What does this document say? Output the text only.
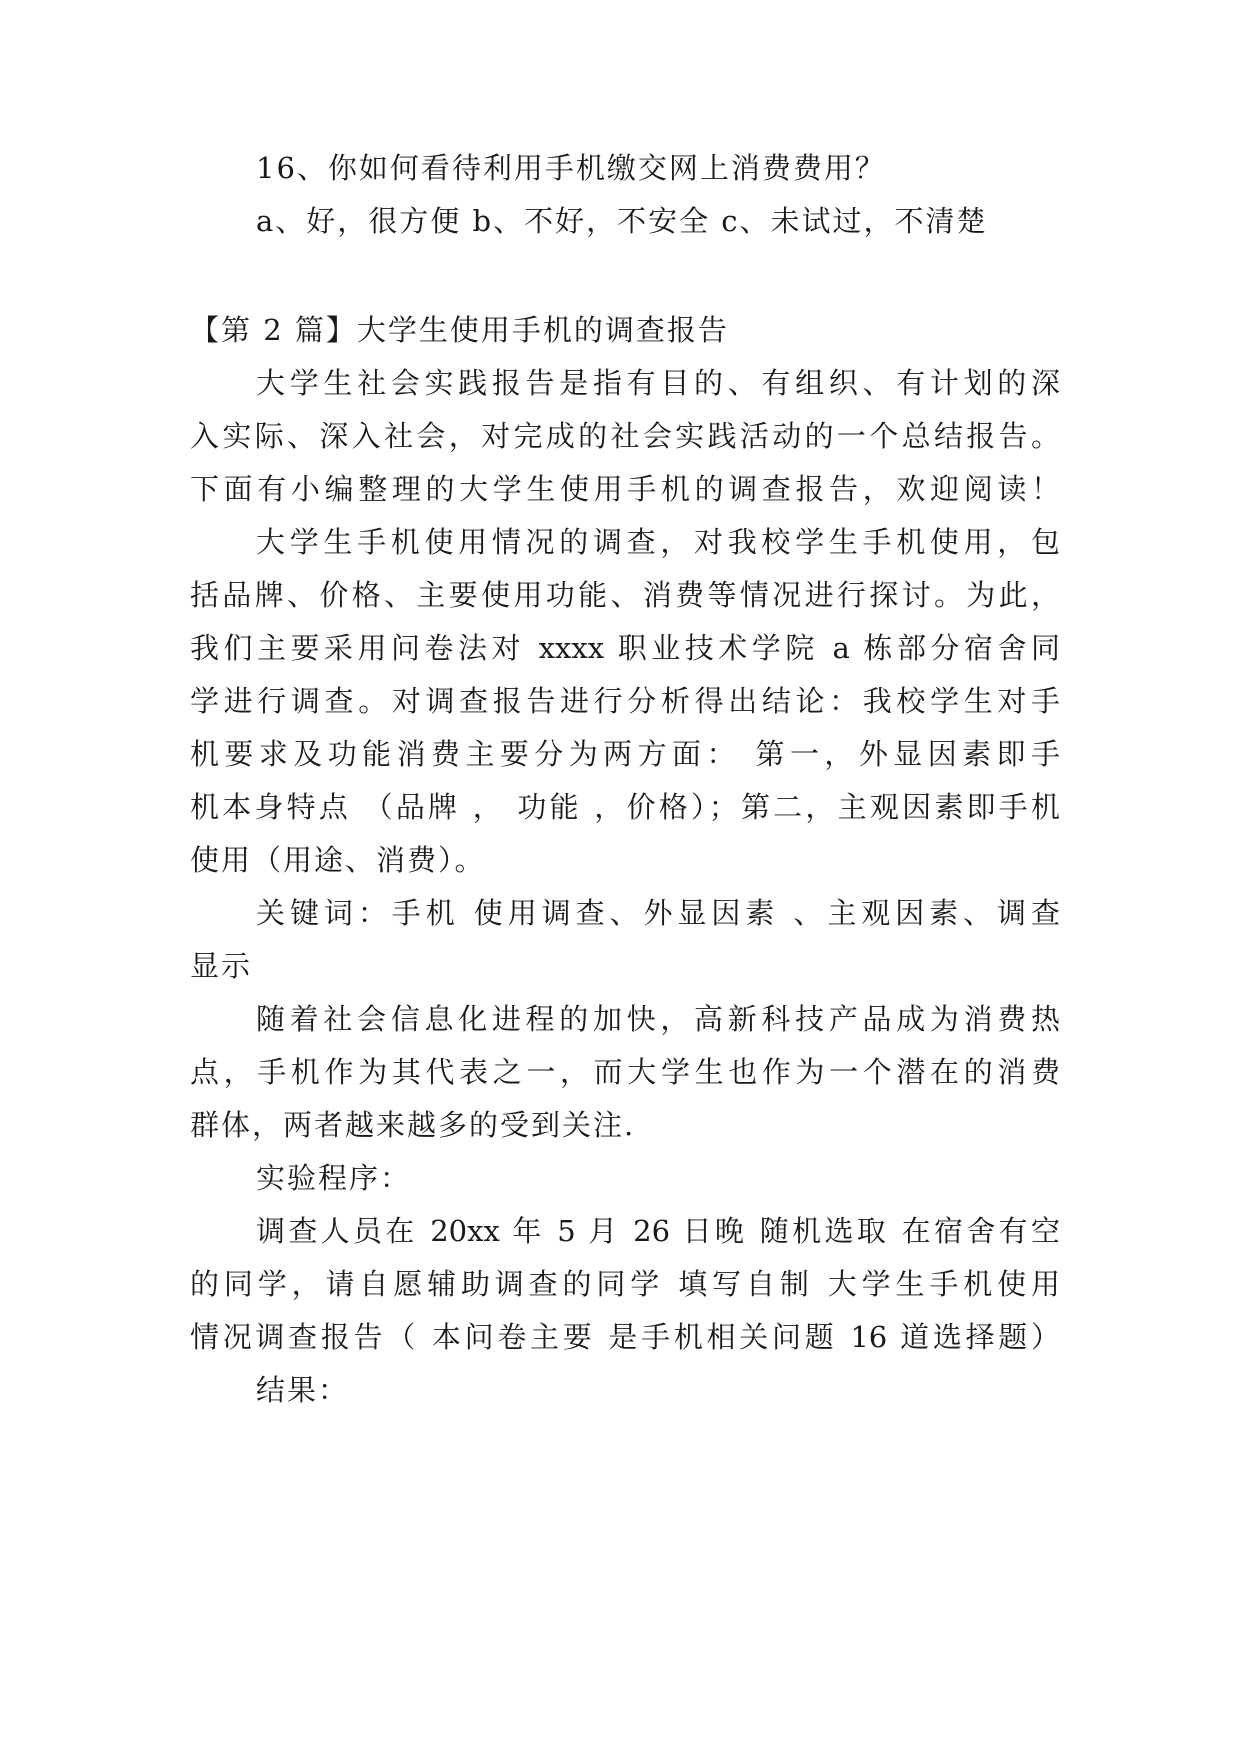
16、你如何看待利用手机缴交网上消费费用？
a、好，很方便 b、不好，不安全 c、未试过，不清楚
【第 2 篇】大学生使用手机的调查报告
大学生社会实践报告是指有目的、有组织、有计划的深
入实际、深入社会，对完成的社会实践活动的一个总结报告。
下面有小编整理的大学生使用手机的调查报告，欢迎阅读！
大学生手机使用情况的调查，对我校学生手机使用，包
括品牌、价格、主要使用功能、消费等情况进行探讨。为此，
我们主要采用问卷法对 xxxx 职业技术学院 a 栋部分宿舍同
学进行调查。对调查报告进行分析得出结论：我校学生对手
机要求及功能消费主要分为两方面： 第一，外显因素即手
机本身特点 （品牌 ， 功能 ，价格）；第二，主观因素即手机
使用（用途、消费）。
关键词：手机 使用调查、外显因素 、主观因素、调查
显示
随着社会信息化进程的加快，高新科技产品成为消费热
点，手机作为其代表之一，而大学生也作为一个潜在的消费
群体，两者越来越多的受到关注.
实验程序：
调查人员在 20xx 年 5 月 26 日晚 随机选取 在宿舍有空
的同学，请自愿辅助调查的同学 填写自制 大学生手机使用
情况调查报告（ 本问卷主要 是手机相关问题 16 道选择题）
结果：
